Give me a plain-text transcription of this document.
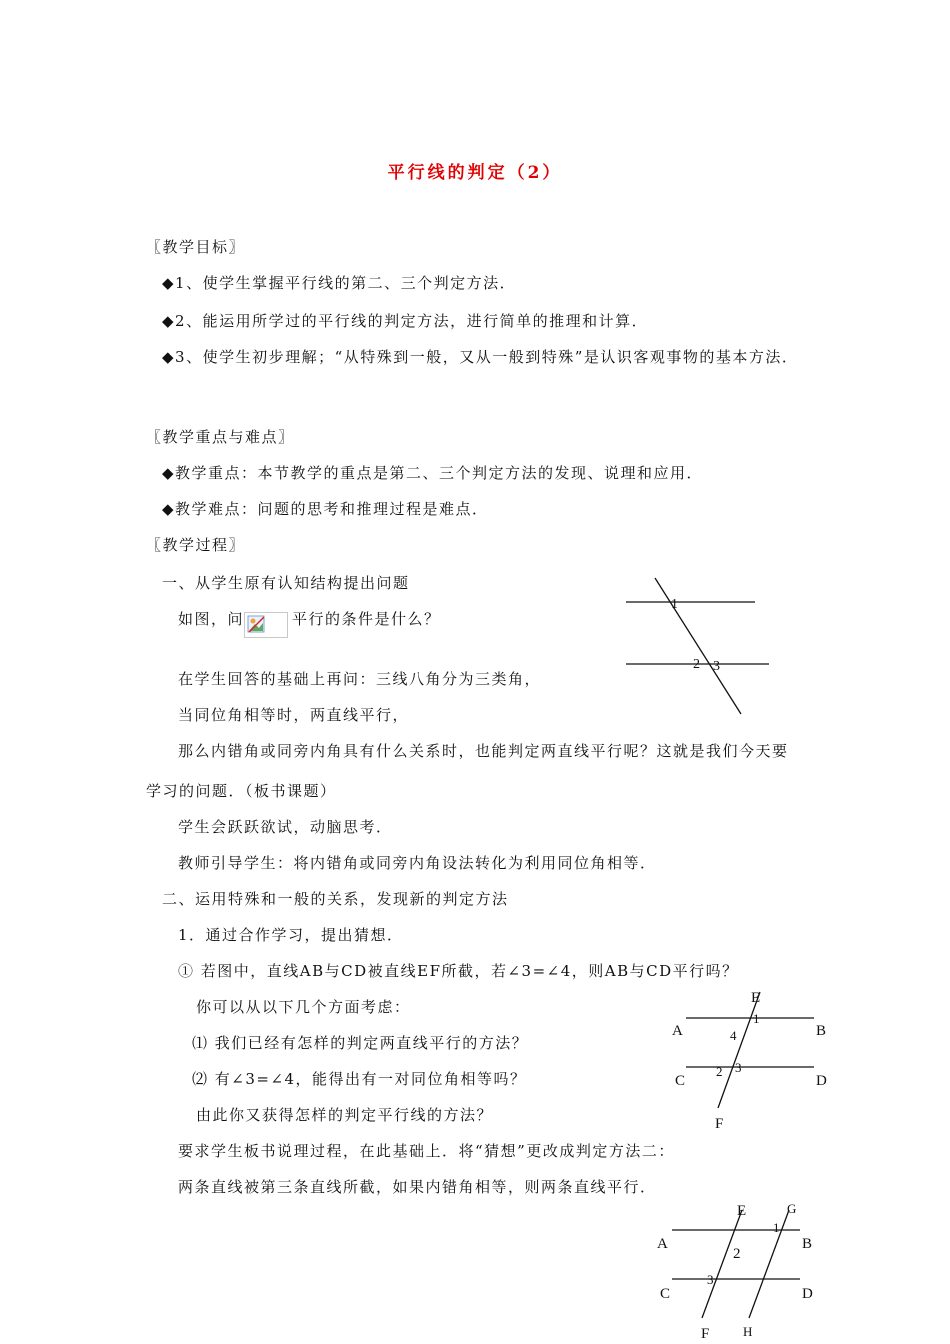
平行线的判定（2）
〖教学目标〗
◆1、使学生掌握平行线的第二、三个判定方法．
◆2、能运用所学过的平行线的判定方法，进行简单的推理和计算．
◆3、使学生初步理解；“从特殊到一般，又从一般到特殊”是认识客观事物的基本方法．
〖教学重点与难点〗
◆教学重点：本节教学的重点是第二、三个判定方法的发现、说理和应用．
◆教学难点：问题的思考和推理过程是难点．
〖教学过程〗
一、从学生原有认知结构提出问题
如图，问	平行的条件是什么？
在学生回答的基础上再问：三线八角分为三类角，
当同位角相等时，两直线平行，
那么内错角或同旁内角具有什么关系时，也能判定两直线平行呢？这就是我们今天要
学习的问题．（板书课题）
学生会跃跃欲试，动脑思考．
教师引导学生：将内错角或同旁内角设法转化为利用同位角相等．
二、运用特殊和一般的关系，发现新的判定方法
1．通过合作学习，提出猜想．
① 若图中，直线AB与CD被直线EF所截，若∠3=∠4，则AB与CD平行吗？
你可以从以下几个方面考虑：
⑴ 我们已经有怎样的判定两直线平行的方法？
⑵ 有∠3=∠4，能得出有一对同位角相等吗？
由此你又获得怎样的判定平行线的方法？
要求学生板书说理过程，在此基础上．将“猜想”更改成判定方法二：
两条直线被第三条直线所截，如果内错角相等，则两条直线平行．
1
2 3
E
F
A	B
C	D
1
2 3
4
E	G
A	B
C	D
F	H
1
2
3
